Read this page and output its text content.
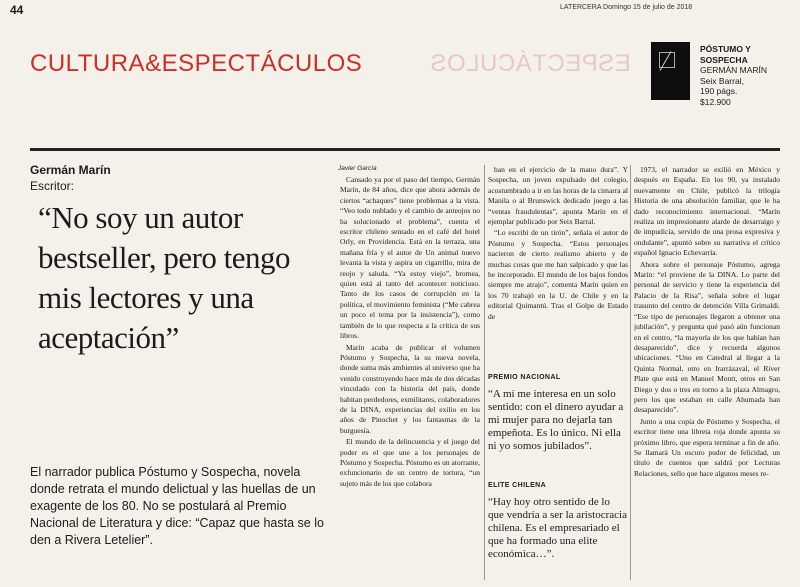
44	LATERCERA Domingo 15 de julio de 2018
CULTURA&ESPECTÁCULOS	ESPECTÁCULOS
PÓSTUMO Y
SOSPECHA
GERMÁN MARÍN
Seix Barral,
190 págs.
$12.900
Germán Marín
Escritor:
“No soy un autor bestseller, pero tengo mis lectores y una aceptación”
El narrador publica Póstumo y Sospecha, novela donde retrata el mundo delictual y las huellas de un exagente de los 80. No se postulará al Premio Nacional de Literatura y dice: “Capaz que hasta se lo den a Rivera Letelier”.
Javier García

Cansado ya por el paso del tiempo, Germán Marín, de 84 años, dice que ahora además de ciertos “achaques” tiene problemas a la vista. “Veo todo nublado y el cambio de anteojos no ha solucionado el problema”, cuenta el escritor chileno sentado en el café del hotel Orly, en Providencia. Está en la terraza, una mañana fría y el autor de Un animal nuevo levanta la vista y aspira un cigarrillo, mira de reojo y saluda. “Ya estoy viejo”, bromea, quien está al tanto del acontecer noticioso. Tanto de los casos de corrupción en la política, el movimiento feminista (“Me cabrea un poco el tema por la insistencia”), como también de lo que respecta a la crítica de sus libros.

Marín acaba de publicar el volumen Póstumo y Sospecha, la su nueva novela, donde suma más ambientes al universo que ha venido construyendo hace más de dos décadas vinculado con la historia del país, donde habitan perdedores, exmilitares, colaboradores de la DINA, experiencias del exilio en los años de Pinochet y los fantasmas de la burguesía.

El mundo de la delincuencia y el juego del poder es el que une a los personajes de Póstumo y Sospecha. Póstumo es un atorrante, exfuncionario de un centro de tortura, “un sujeto más de los que colabora

ban en el ejercicio de la mano dura”. Y Sospecha, un joven expulsado del colegio, acostumbrado a ir en las horas de la cimarra al Manila o al Brunswick dedicado juego a las “ventas fraudulentas”, apunta Marín en el ejemplar publicado por Seix Barral.

“Lo escribí de un tirón”, señala el autor de Póstumo y Sospecha. “Estos personajes nacieron de cierto realismo abierto y de muchas cosas que me han salpicado y que las he incorporado. El mundo de los bajos fondos siempre me atrajo”, comenta Marín quien en los 70 trabajó en la U. de Chile y en la editorial Quimantú. Tras el Golpe de Estado de

PREMIO NACIONAL
“A mí me interesa en un solo sentido: con el dinero ayudar a mi mujer para no dejarla tan empeñota. Es lo único. Ni ella ni yo somos jubilados”.
ELITE CHILENA
“Hay hoy otro sentido de lo que vendría a ser la aristocracia chilena. Es el empresariado el que ha formado una elite económica…”.

1973, el narrador se exilió en México y después en España. En los 90, ya instalado nuevamente en Chile, publicó la trilogía Historia de una absolución familiar, que le ha dado reconocimiento internacional. “Marín realiza un impresionante alarde de desarraigo y de impudicia, servido de una prosa expresiva y ondulante”, apuntó sobre su narrativa el crítico español Ignacio Echevarría.

Ahora sobre el personaje Póstumo, agrega Marín: “el proviene de la DINA. Lo parte del personal de servicio y tiene la experiencia del Palacio de la Risa”, señala sobre el lugar trasunto del centro de detención Villa Grimaldi. “Ese tipo de personajes llegaron a obtener una jubilación”, y pregunta qué pasó aún funcionan en el centro, “la mayoría de los que habían han desaparecido”, dice y recuerda algunos ubicaciones. “Uno en Catedral al llegar a la Quinta Normal, otro en Irarrázaval, el River Plate que está en Manuel Montt, otros en San Diego y dos o tres en torno a la plaza Almagro, pero los que estaban en calle Ahumada han desaparecido”.

Junto a una copia de Póstumo y Sospecha, el escritor tiene una libreta roja donde apunta su próximo libro, que espera terminar a fin de año. Se llamará Un oscuro pudor de felicidad, un título de cuentos que saldrá por Lecturas Relaciones, sello que hace algunos meses re-
